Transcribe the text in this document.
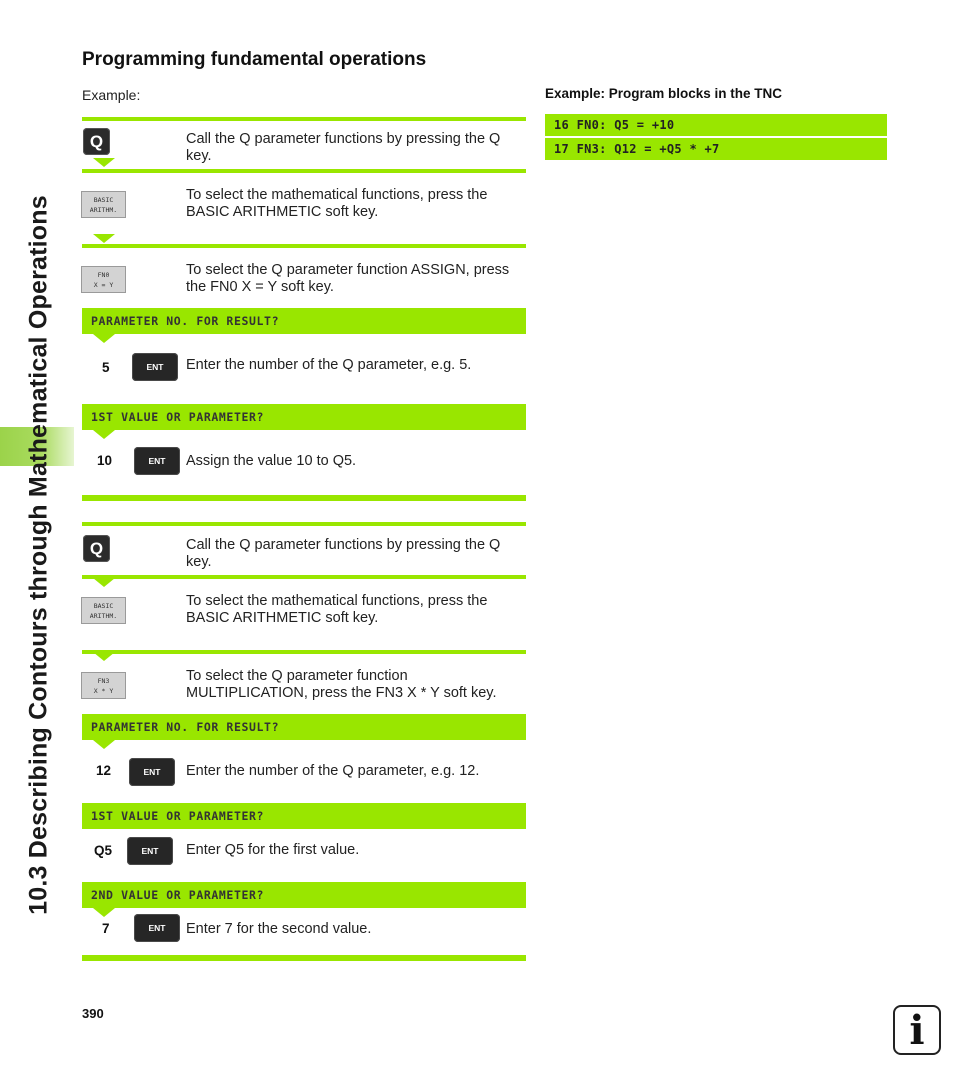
10.3 Describing Contours through Mathematical Operations
Programming fundamental operations
Example:	Example: Program blocks in the TNC
16 FN0: Q5 = +10
17 FN3: Q12 = +Q5 * +7
Q	Call the Q parameter functions by pressing the Q key.
BASIC
ARITHM.
To select the mathematical functions, press the BASIC ARITHMETIC soft key.
FN0
X = Y
To select the Q parameter function ASSIGN, press the FN0 X = Y soft key.
PARAMETER NO. FOR RESULT?
5	ENT	Enter the number of the Q parameter, e.g. 5.
1ST VALUE OR PARAMETER?
10	ENT	Assign the value 10 to Q5.
Q	Call the Q parameter functions by pressing the Q key.
BASIC
ARITHM.
To select the mathematical functions, press the BASIC ARITHMETIC soft key.
FN3
X * Y
To select the Q parameter function MULTIPLICATION, press the FN3 X * Y soft key.
PARAMETER NO. FOR RESULT?
12	ENT	Enter the number of the Q parameter, e.g. 12.
1ST VALUE OR PARAMETER?
Q5	ENT	Enter Q5 for the first value.
2ND VALUE OR PARAMETER?
7	ENT	Enter 7 for the second value.
390	i
